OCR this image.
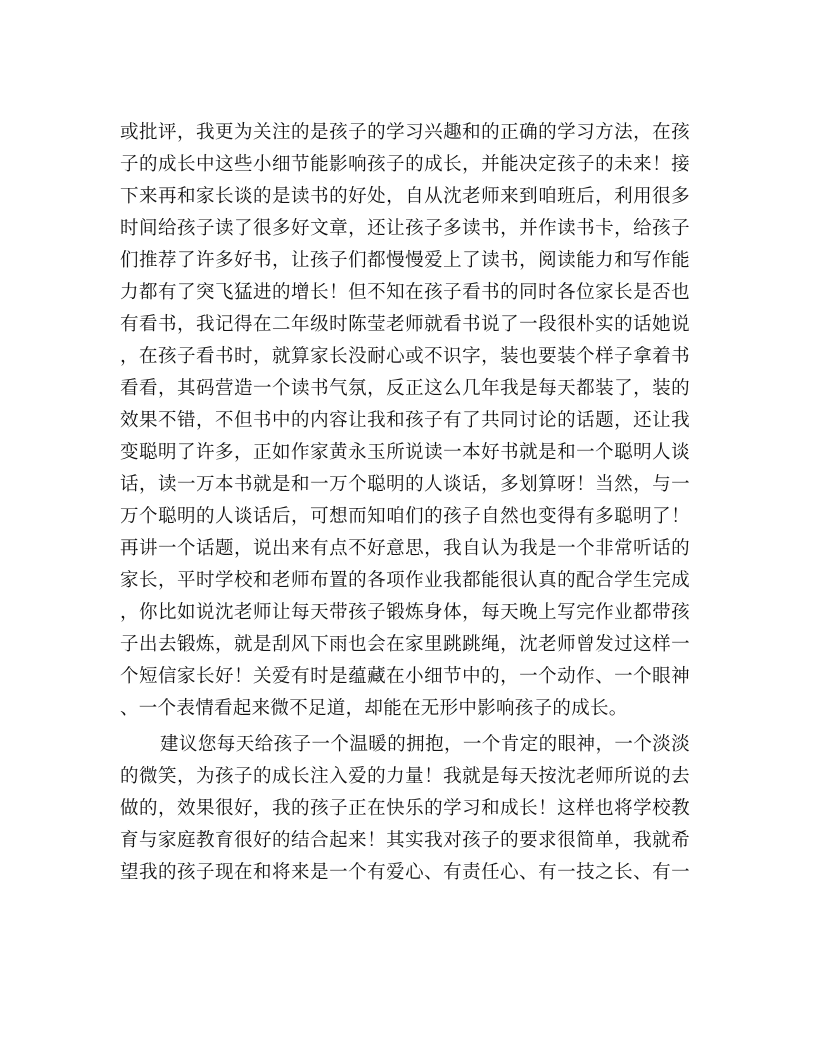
或批评，我更为关注的是孩子的学习兴趣和的正确的学习方法，在孩
子的成长中这些小细节能影响孩子的成长，并能决定孩子的未来！接
下来再和家长谈的是读书的好处，自从沈老师来到咱班后，利用很多
时间给孩子读了很多好文章，还让孩子多读书，并作读书卡，给孩子
们推荐了许多好书，让孩子们都慢慢爱上了读书，阅读能力和写作能
力都有了突飞猛进的增长！但不知在孩子看书的同时各位家长是否也
有看书，我记得在二年级时陈莹老师就看书说了一段很朴实的话她说
，在孩子看书时，就算家长没耐心或不识字，装也要装个样子拿着书
看看，其码营造一个读书气氛，反正这么几年我是每天都装了，装的
效果不错，不但书中的内容让我和孩子有了共同讨论的话题，还让我
变聪明了许多，正如作家黄永玉所说读一本好书就是和一个聪明人谈
话，读一万本书就是和一万个聪明的人谈话，多划算呀！当然，与一
万个聪明的人谈话后，可想而知咱们的孩子自然也变得有多聪明了！
再讲一个话题，说出来有点不好意思，我自认为我是一个非常听话的
家长，平时学校和老师布置的各项作业我都能很认真的配合学生完成
，你比如说沈老师让每天带孩子锻炼身体，每天晚上写完作业都带孩
子出去锻炼，就是刮风下雨也会在家里跳跳绳，沈老师曾发过这样一
个短信家长好！关爱有时是蕴藏在小细节中的，一个动作、一个眼神
、一个表情看起来微不足道，却能在无形中影响孩子的成长。
建议您每天给孩子一个温暖的拥抱，一个肯定的眼神，一个淡淡
的微笑，为孩子的成长注入爱的力量！我就是每天按沈老师所说的去
做的，效果很好，我的孩子正在快乐的学习和成长！这样也将学校教
育与家庭教育很好的结合起来！其实我对孩子的要求很简单，我就希
望我的孩子现在和将来是一个有爱心、有责任心、有一技之长、有一
